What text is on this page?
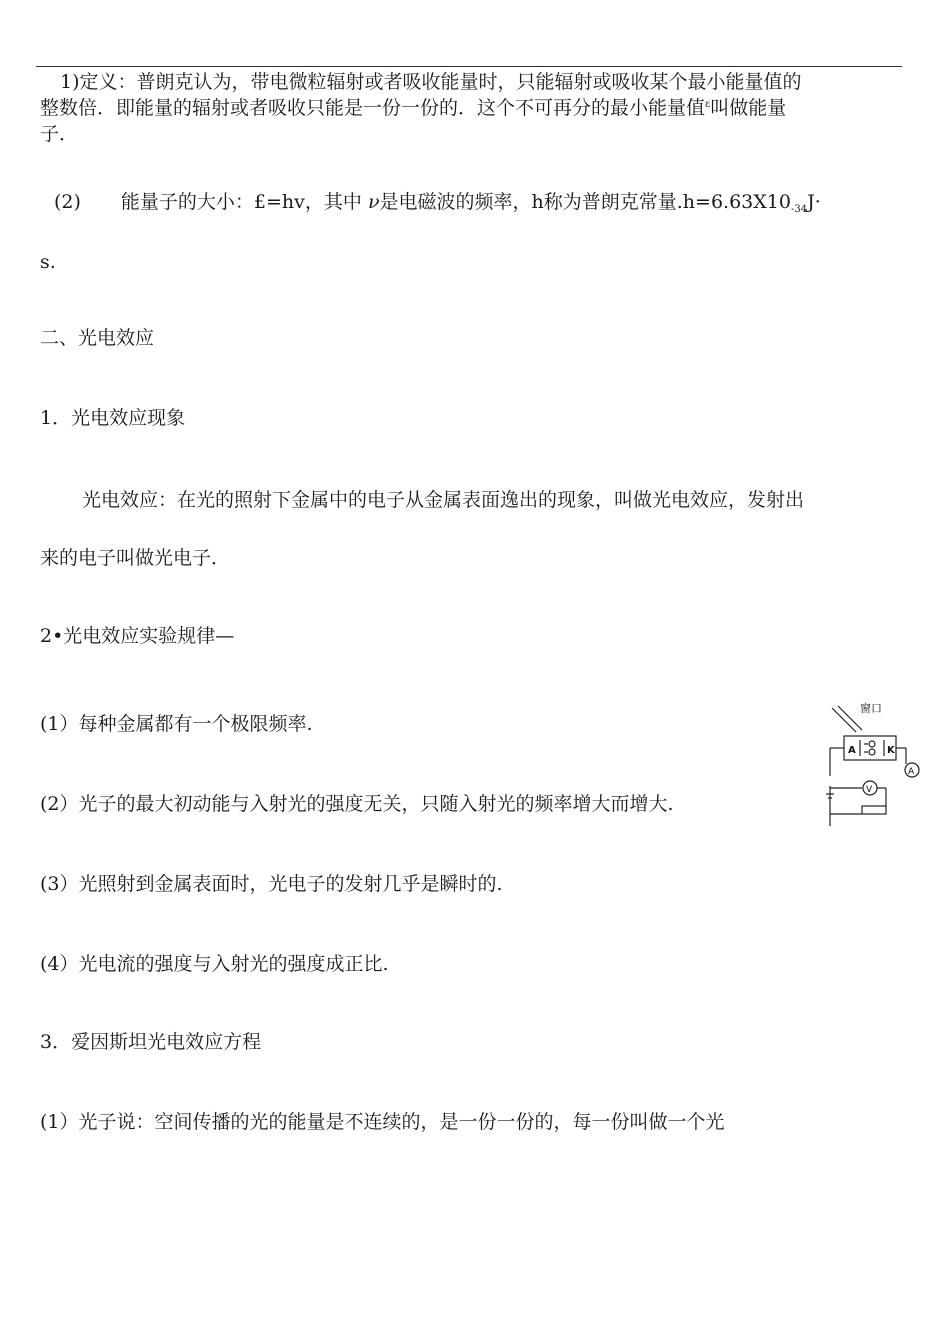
1)定义：普朗克认为，带电微粒辐射或者吸收能量时，只能辐射或吸收某个最小能量值的
整数倍．即能量的辐射或者吸收只能是一份一份的．这个不可再分的最小能量值$^\varepsilon$叫做能量
子．
(2) 能量子的大小：£=hv，其中 ν是电磁波的频率，h称为普朗克常量$.h=6.63X10_{-34}J\cdot$
s.
二、光电效应
1．光电效应现象
光电效应：在光的照射下金属中的电子从金属表面逸出的现象，叫做光电效应，发射出
来的电子叫做光电子．
2•光电效应实验规律—
(1）每种金属都有一个极限频率.
(2）光子的最大初动能与入射光的强度无关，只随入射光的频率增大而增大.
(3）光照射到金属表面时，光电子的发射几乎是瞬时的.
(4）光电流的强度与入射光的强度成正比.
3．爱因斯坦光电效应方程
(1）光子说：空间传播的光的能量是不连续的，是一份一份的，每一份叫做一个光
窗口
A	K
A
V
